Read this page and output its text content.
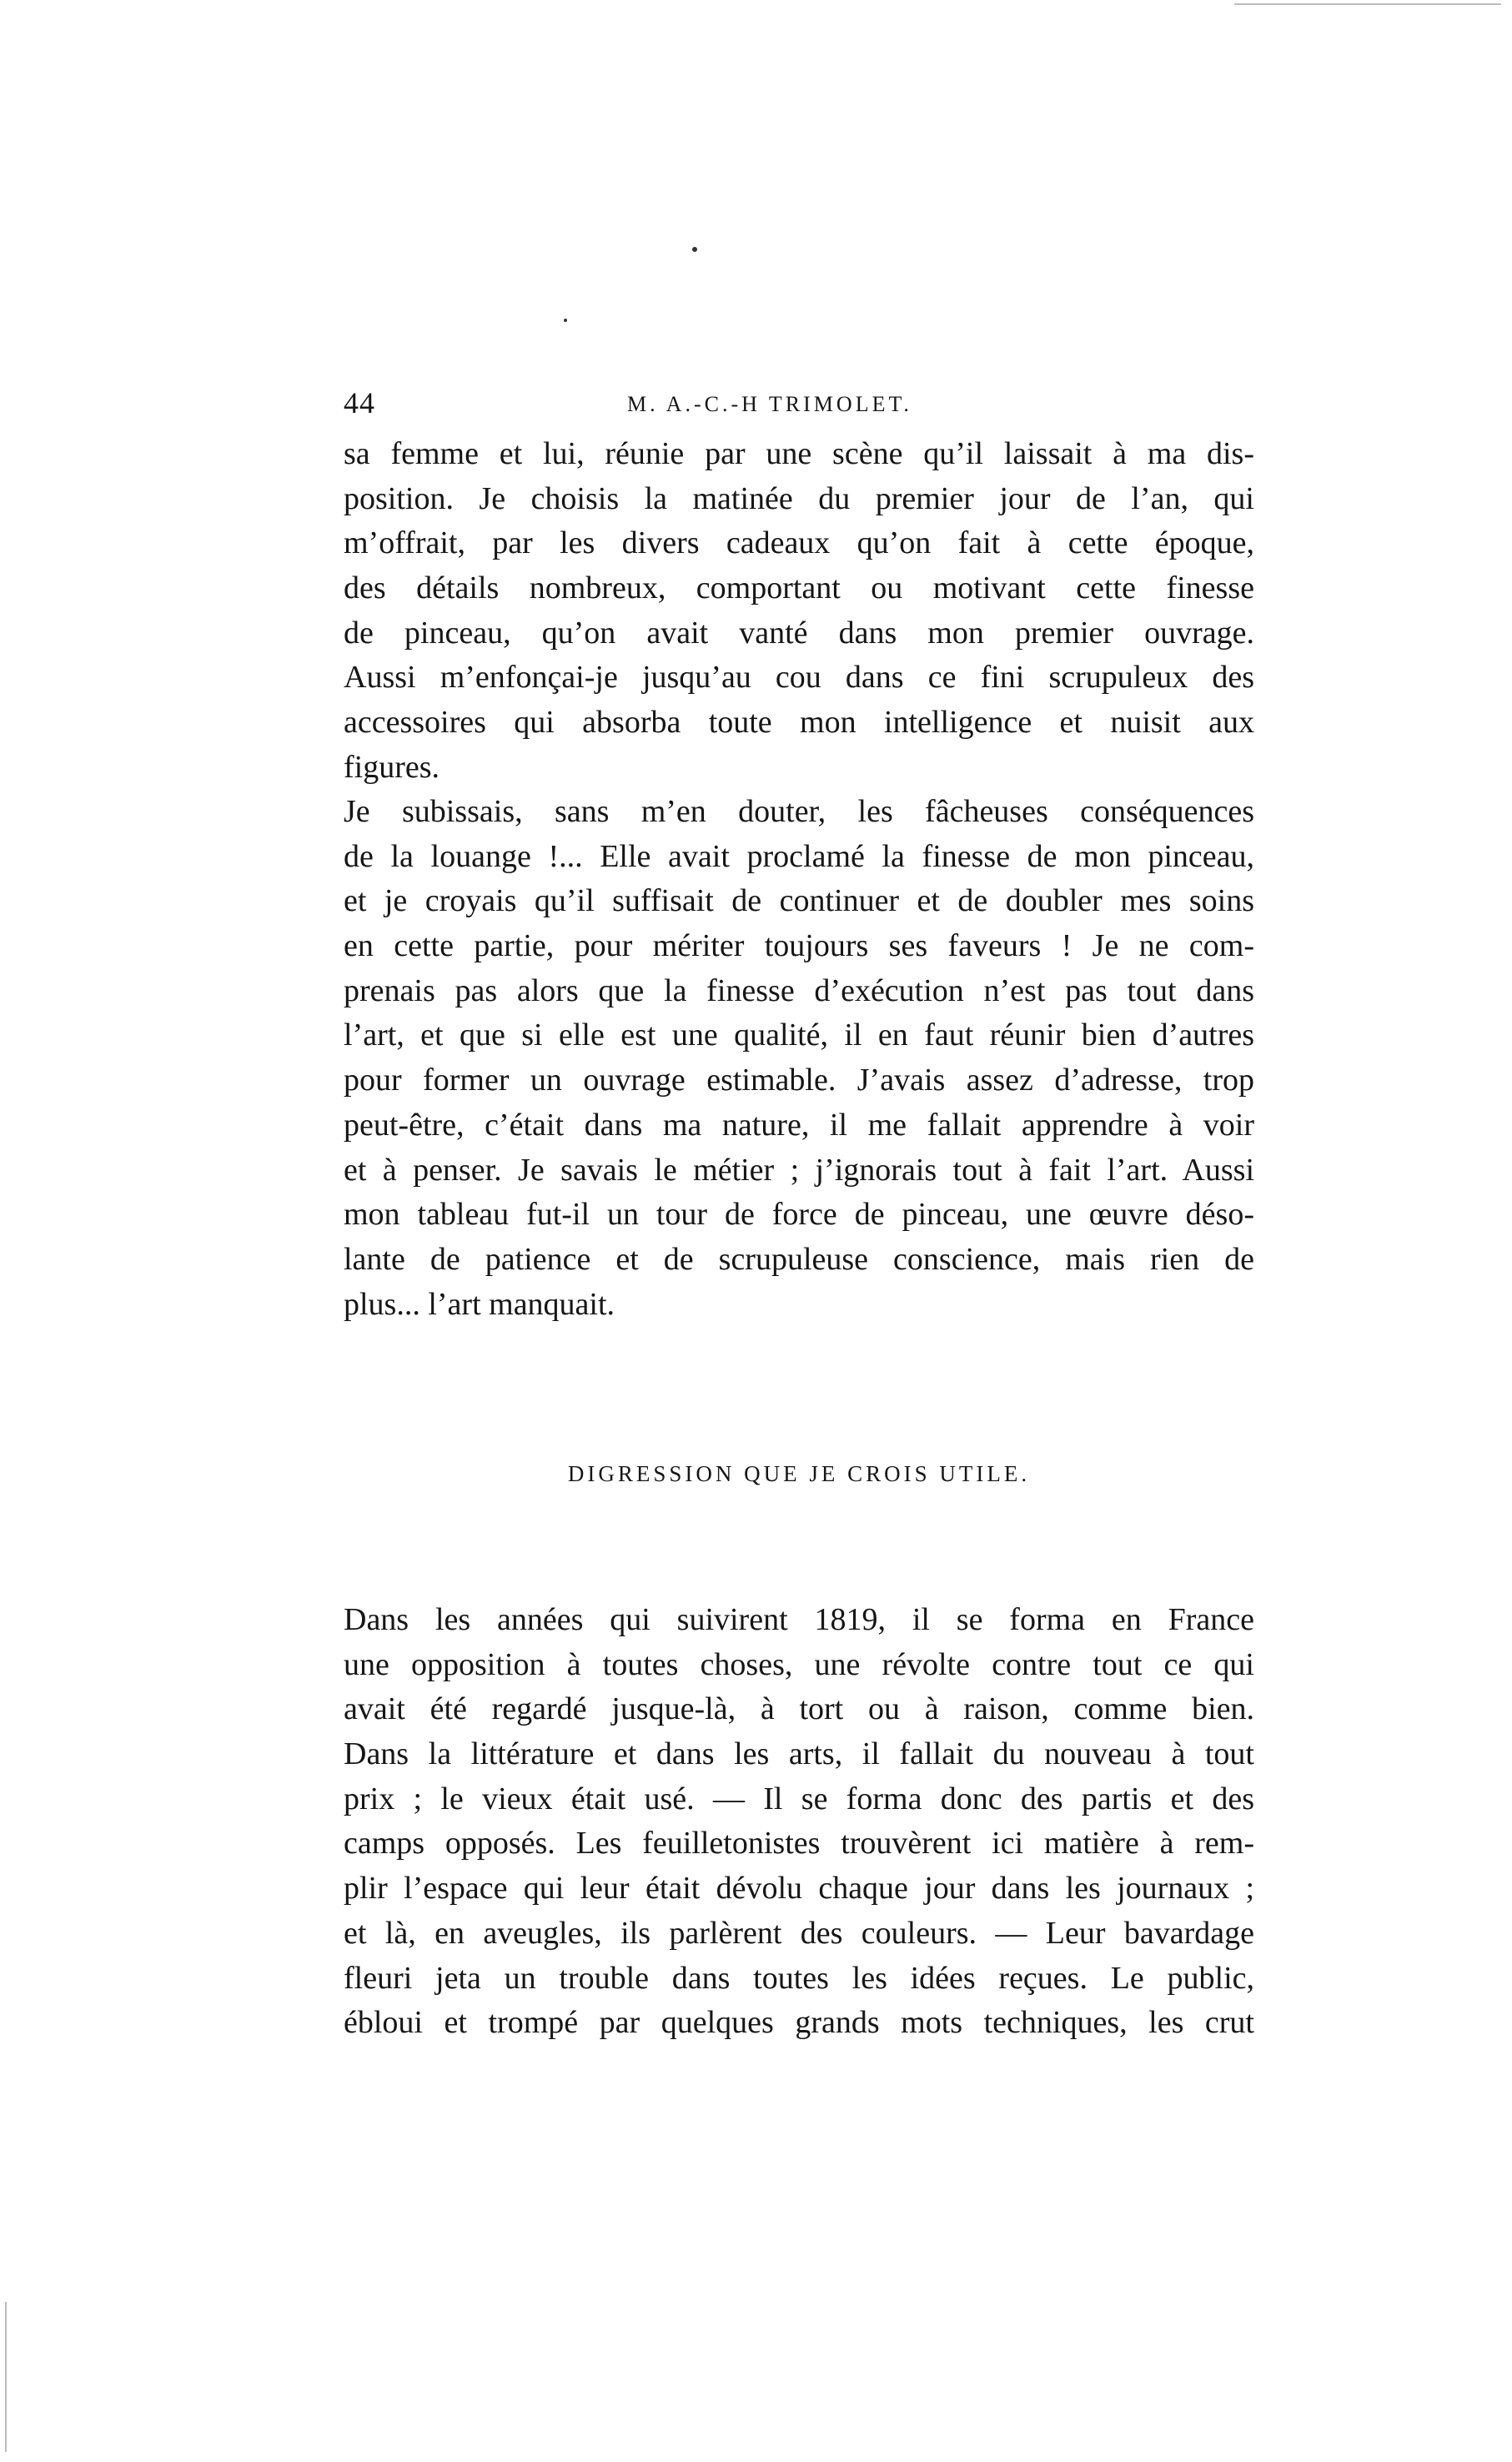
44	M. A.-C.-H TRIMOLET.
sa femme et lui, réunie par une scène qu’il laissait à ma dis-
position. Je choisis la matinée du premier jour de l’an, qui
m’offrait, par les divers cadeaux qu’on fait à cette époque,
des détails nombreux, comportant ou motivant cette finesse
de pinceau, qu’on avait vanté dans mon premier ouvrage.
Aussi m’enfonçai-je jusqu’au cou dans ce fini scrupuleux des
accessoires qui absorba toute mon intelligence et nuisit aux
figures.
Je subissais, sans m’en douter, les fâcheuses conséquences
de la louange !... Elle avait proclamé la finesse de mon pinceau,
et je croyais qu’il suffisait de continuer et de doubler mes soins
en cette partie, pour mériter toujours ses faveurs ! Je ne com-
prenais pas alors que la finesse d’exécution n’est pas tout dans
l’art, et que si elle est une qualité, il en faut réunir bien d’autres
pour former un ouvrage estimable. J’avais assez d’adresse, trop
peut-être, c’était dans ma nature, il me fallait apprendre à voir
et à penser. Je savais le métier ; j’ignorais tout à fait l’art. Aussi
mon tableau fut-il un tour de force de pinceau, une œuvre déso-
lante de patience et de scrupuleuse conscience, mais rien de
plus... l’art manquait.
DIGRESSION QUE JE CROIS UTILE.
Dans les années qui suivirent 1819, il se forma en France
une opposition à toutes choses, une révolte contre tout ce qui
avait été regardé jusque-là, à tort ou à raison, comme bien.
Dans la littérature et dans les arts, il fallait du nouveau à tout
prix ; le vieux était usé. — Il se forma donc des partis et des
camps opposés. Les feuilletonistes trouvèrent ici matière à rem-
plir l’espace qui leur était dévolu chaque jour dans les journaux ;
et là, en aveugles, ils parlèrent des couleurs. — Leur bavardage
fleuri jeta un trouble dans toutes les idées reçues. Le public,
ébloui et trompé par quelques grands mots techniques, les crut
